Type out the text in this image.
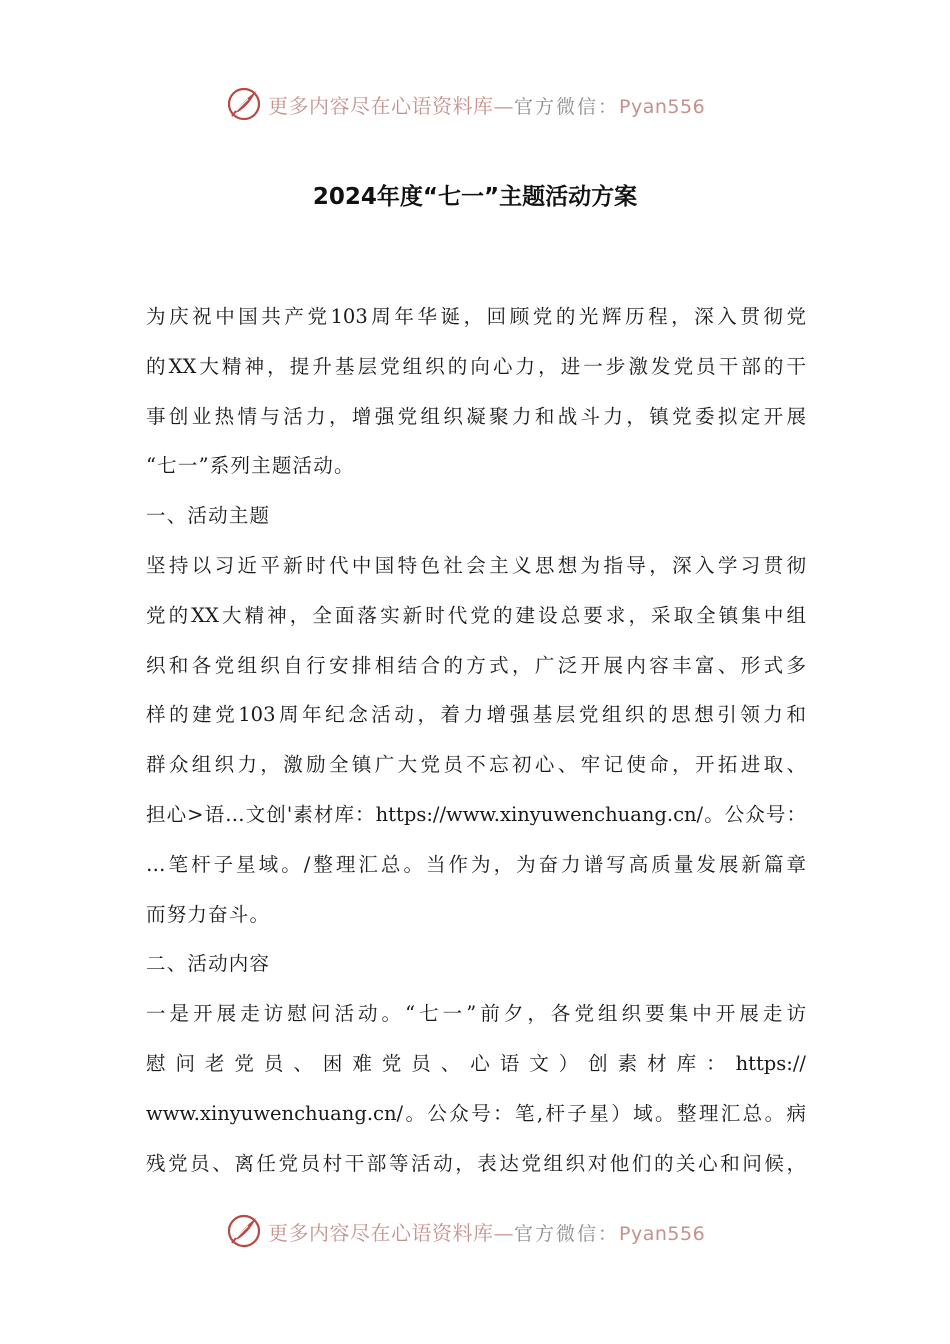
更多内容尽在心语资料库—官方微信：Pyan556
2024年度“七一”主题活动方案
为庆祝中国共产党103周年华诞，回顾党的光辉历程，深入贯彻党
的XX大精神，提升基层党组织的向心力，进一步激发党员干部的干
事创业热情与活力，增强党组织凝聚力和战斗力，镇党委拟定开展
“七一”系列主题活动。
一、活动主题
坚持以习近平新时代中国特色社会主义思想为指导，深入学习贯彻
党的XX大精神，全面落实新时代党的建设总要求，采取全镇集中组
织和各党组织自行安排相结合的方式，广泛开展内容丰富、形式多
样的建党103周年纪念活动，着力增强基层党组织的思想引领力和
群众组织力，激励全镇广大党员不忘初心、牢记使命，开拓进取、
担心>语…文创'素材库：https://www.xinyuwenchuang.cn/。公众号：
…笔杆子星域。/整理汇总。当作为，为奋力谱写高质量发展新篇章
而努力奋斗。
二、活动内容
一是开展走访慰问活动。“七一”前夕，各党组织要集中开展走访
慰问老党员、困难党员、心语文）创素材库：https://
www.xinyuwenchuang.cn/。公众号：笔,杆子星）域。整理汇总。病
残党员、离任党员村干部等活动，表达党组织对他们的关心和问候，
更多内容尽在心语资料库—官方微信：Pyan556
